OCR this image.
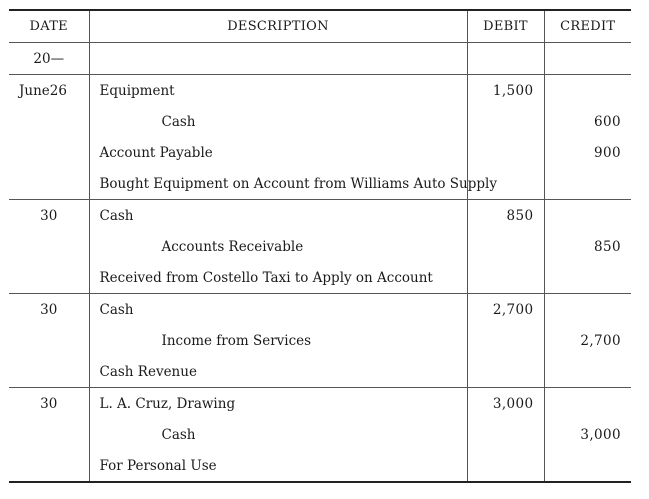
DATE	DESCRIPTION	DEBIT	CREDIT
20—			
June26	Equipment	1,500	
	Cash		600
	Account Payable		900
	Bought Equipment on Account from Williams Auto Supply		
30	Cash	850	
	Accounts Receivable		850
	Received from Costello Taxi to Apply on Account		
30	Cash	2,700	
	Income from Services		2,700
	Cash Revenue		
30	L. A. Cruz, Drawing	3,000	
	Cash		3,000
	For Personal Use		
